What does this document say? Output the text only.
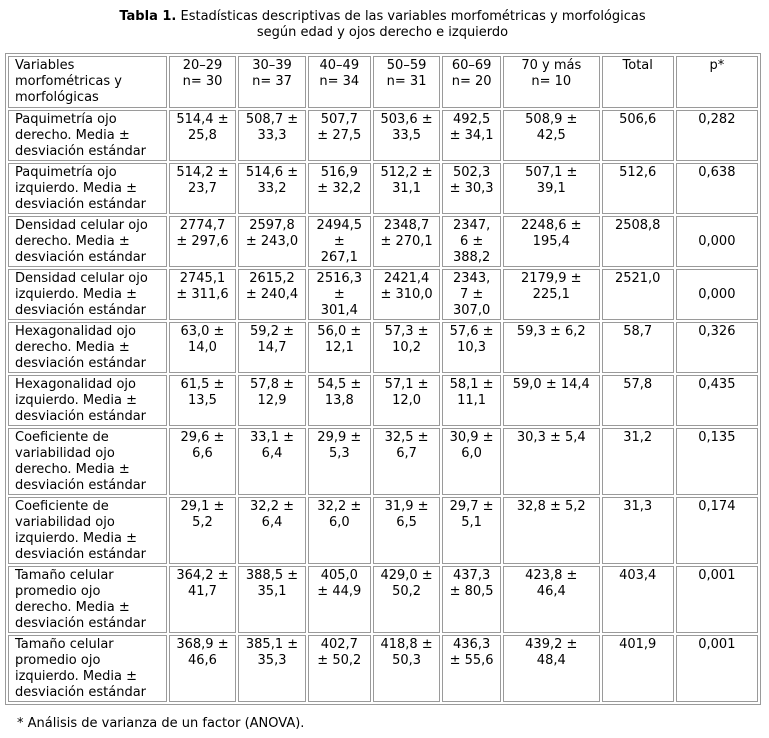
Tabla 1. Estadísticas descriptivas de las variables morfométricas y morfológicas
según edad y ojos derecho e izquierdo
Variables morfométricas y morfológicas	20–29 n= 30	30–39 n= 37	40–49 n= 34	50–59 n= 31	60–69 n= 20	70 y más n= 10	Total	p*
Paquimetría ojo derecho. Media ± desviación estándar	514,4 ± 25,8	508,7 ± 33,3	507,7 ± 27,5	503,6 ± 33,5	492,5 ± 34,1	508,9 ± 42,5	506,6	0,282
Paquimetría ojo izquierdo. Media ± desviación estándar	514,2 ± 23,7	514,6 ± 33,2	516,9 ± 32,2	512,2 ± 31,1	502,3 ± 30,3	507,1 ± 39,1	512,6	0,638
Densidad celular ojo derecho. Media ± desviación estándar	2774,7 ± 297,6	2597,8 ± 243,0	2494,5 ± 267,1	2348,7 ± 270,1	2347,6 ± 388,2	2248,6 ± 195,4	2508,8	0,000
Densidad celular ojo izquierdo. Media ± desviación estándar	2745,1 ± 311,6	2615,2 ± 240,4	2516,3 ± 301,4	2421,4 ± 310,0	2343,7 ± 307,0	2179,9 ± 225,1	2521,0	0,000
Hexagonalidad ojo derecho. Media ± desviación estándar	63,0 ± 14,0	59,2 ± 14,7	56,0 ± 12,1	57,3 ± 10,2	57,6 ± 10,3	59,3 ± 6,2	58,7	0,326
Hexagonalidad ojo izquierdo. Media ± desviación estándar	61,5 ± 13,5	57,8 ± 12,9	54,5 ± 13,8	57,1 ± 12,0	58,1 ± 11,1	59,0 ± 14,4	57,8	0,435
Coeficiente de variabilidad ojo derecho. Media ± desviación estándar	29,6 ± 6,6	33,1 ± 6,4	29,9 ± 5,3	32,5 ± 6,7	30,9 ± 6,0	30,3 ± 5,4	31,2	0,135
Coeficiente de variabilidad ojo izquierdo. Media ± desviación estándar	29,1 ± 5,2	32,2 ± 6,4	32,2 ± 6,0	31,9 ± 6,5	29,7 ± 5,1	32,8 ± 5,2	31,3	0,174
Tamaño celular promedio ojo derecho. Media ± desviación estándar	364,2 ± 41,7	388,5 ± 35,1	405,0 ± 44,9	429,0 ± 50,2	437,3 ± 80,5	423,8 ± 46,4	403,4	0,001
Tamaño celular promedio ojo izquierdo. Media ± desviación estándar	368,9 ± 46,6	385,1 ± 35,3	402,7 ± 50,2	418,8 ± 50,3	436,3 ± 55,6	439,2 ± 48,4	401,9	0,001
* Análisis de varianza de un factor (ANOVA).
